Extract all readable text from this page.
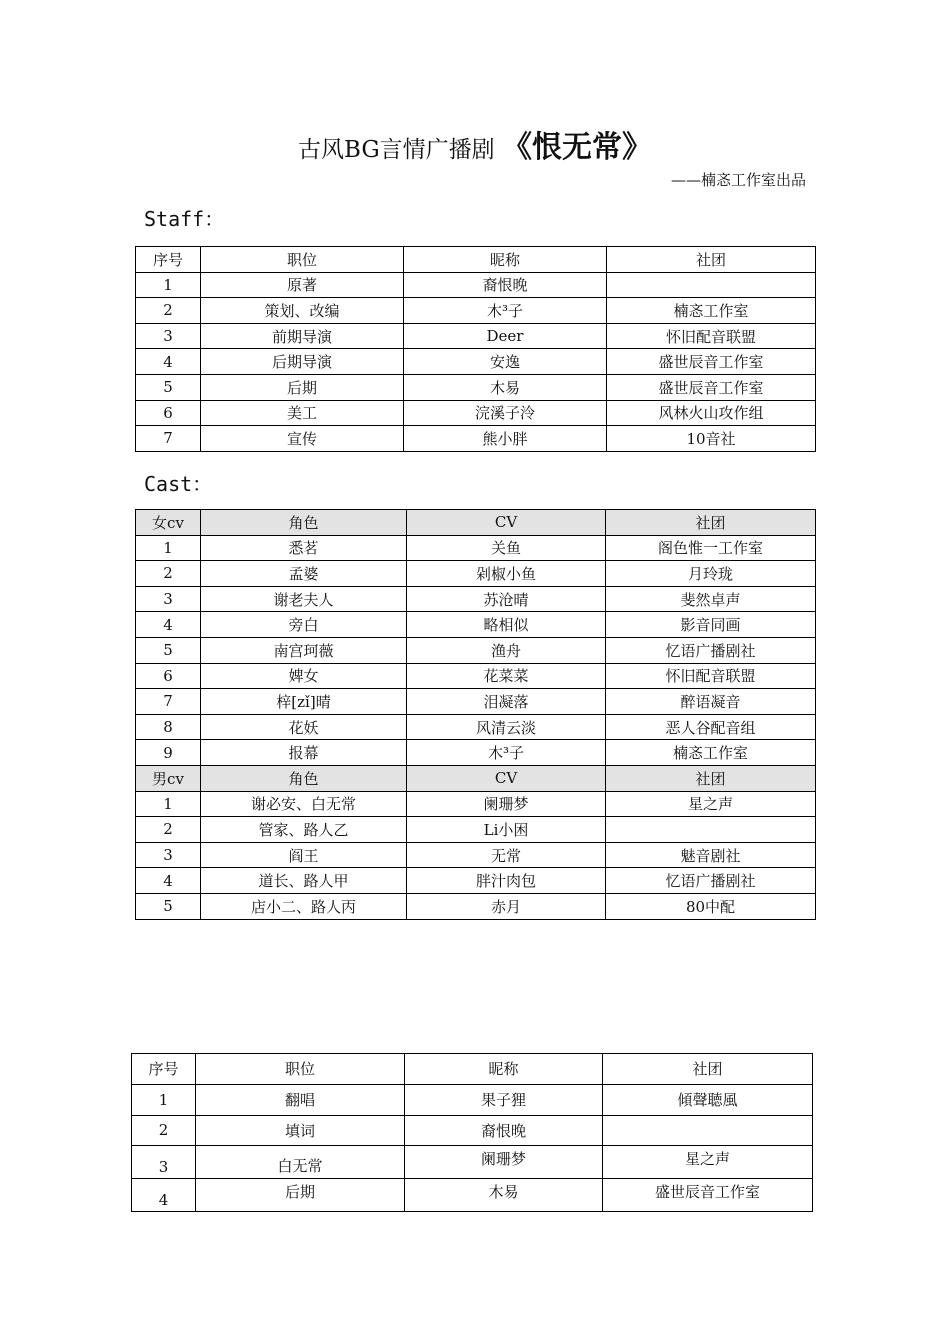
古风BG言情广播剧 《恨无常》
——楠忞工作室出品
Staff：
序号	职位	昵称	社团
1	原著	裔恨晚	
2	策划、改编	木³子	楠忞工作室
3	前期导演	Deer	怀旧配音联盟
4	后期导演	安逸	盛世辰音工作室
5	后期	木易	盛世辰音工作室
6	美工	浣溪子泠	风林火山攻作组
7	宣传	熊小胖	10音社
Cast：
女cv	角色	CV	社团
1	悉茗	关鱼	阁色惟一工作室
2	孟婆	剁椒小鱼	月玲珑
3	谢老夫人	苏沧晴	斐然卓声
4	旁白	略相似	影音同画
5	南宫珂薇	渔舟	忆语广播剧社
6	婢女	花菜菜	怀旧配音联盟
7	梓[zǐ]晴	泪凝落	醉语凝音
8	花妖	风清云淡	恶人谷配音组
9	报幕	木³子	楠忞工作室
男cv	角色	CV	社团
1	谢必安、白无常	阑珊梦	星之声
2	管家、路人乙	Li小困	
3	阎王	无常	魅音剧社
4	道长、路人甲	胖汁肉包	忆语广播剧社
5	店小二、路人丙	赤月	80中配
序号	职位	昵称	社团
1	翻唱	果子狸	傾聲聴風
2	填词	裔恨晚	
3	白无常	阑珊梦	星之声
4	后期	木易	盛世辰音工作室
